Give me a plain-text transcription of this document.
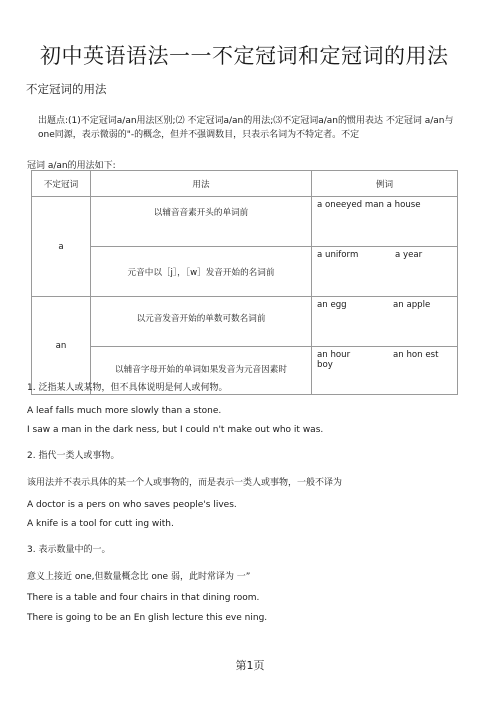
初中英语语法一一不定冠词和定冠词的用法
不定冠词的用法
出题点:(1)不定冠词a/an用法区别;⑵ 不定冠词a/an的用法;⑶不定冠词a/an的惯用表达 不定冠词 a/an与 one同源，表示微弱的"-的概念，但并不强调数目，只表示名词为不特定者。不定
冠词 a/an的用法如下:
不定冠词	用法	例词
a	以辅音音素开头的单词前	a oneeyed man a house
	元音中以［j］，［w］发音开始的名词前	a uniform a year
an	以元音发音开始的单数可数名词前	an egg an apple
	以辅音字母开始的单词如果发音为元音因素时	an hour an hon est boy
1. 泛指某人或某物，但不具体说明是何人或何物。
A leaf falls much more slowly than a stone.
I saw a man in the dark ness, but I could n't make out who it was.
2. 指代一类人或事物。
该用法并不表示具体的某一个人或事物的，而是表示一类人或事物，一般不译为
A doctor is a pers on who saves people's lives.
A knife is a tool for cutt ing with.
3. 表示数量中的一。
意义上接近 one,但数量概念比 one 弱，此时常译为 一”
There is a table and four chairs in that dining room.
There is going to be an En glish lecture this eve ning.
第1页
